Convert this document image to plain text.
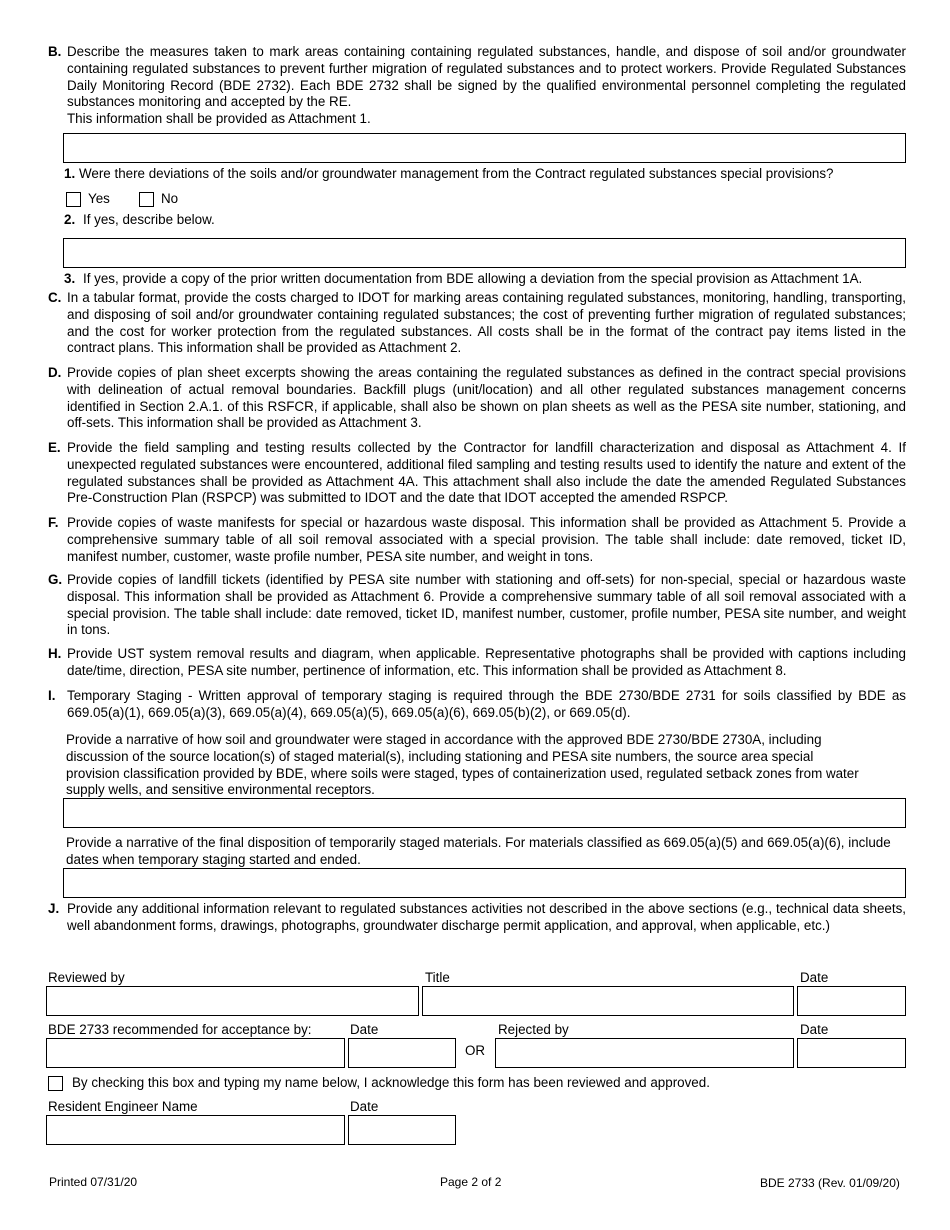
B. Describe the measures taken to mark areas containing containing regulated substances, handle, and dispose of soil and/or groundwater containing regulated substances to prevent further migration of regulated substances and to protect workers. Provide Regulated Substances Daily Monitoring Record (BDE 2732). Each BDE 2732 shall be signed by the qualified environmental personnel completing the regulated substances monitoring and accepted by the RE.
This information shall be provided as Attachment 1.
1. Were there deviations of the soils and/or groundwater management from the Contract regulated substances special provisions?
Yes	No
2. If yes, describe below.
3. If yes, provide a copy of the prior written documentation from BDE allowing a deviation from the special provision as Attachment 1A.
C. In a tabular format, provide the costs charged to IDOT for marking areas containing regulated substances, monitoring, handling, transporting, and disposing of soil and/or groundwater containing regulated substances; the cost of preventing further migration of regulated substances; and the cost for worker protection from the regulated substances. All costs shall be in the format of the contract pay items listed in the contract plans. This information shall be provided as Attachment 2.
D. Provide copies of plan sheet excerpts showing the areas containing the regulated substances as defined in the contract special provisions with delineation of actual removal boundaries. Backfill plugs (unit/location) and all other regulated substances management concerns identified in Section 2.A.1. of this RSFCR, if applicable, shall also be shown on plan sheets as well as the PESA site number, stationing, and off-sets. This information shall be provided as Attachment 3.
E. Provide the field sampling and testing results collected by the Contractor for landfill characterization and disposal as Attachment 4. If unexpected regulated substances were encountered, additional filed sampling and testing results used to identify the nature and extent of the regulated substances shall be provided as Attachment 4A. This attachment shall also include the date the amended Regulated Substances Pre-Construction Plan (RSPCP) was submitted to IDOT and the date that IDOT accepted the amended RSPCP.
F. Provide copies of waste manifests for special or hazardous waste disposal. This information shall be provided as Attachment 5. Provide a comprehensive summary table of all soil removal associated with a special provision. The table shall include: date removed, ticket ID, manifest number, customer, waste profile number, PESA site number, and weight in tons.
G. Provide copies of landfill tickets (identified by PESA site number with stationing and off-sets) for non-special, special or hazardous waste disposal. This information shall be provided as Attachment 6. Provide a comprehensive summary table of all soil removal associated with a special provision. The table shall include: date removed, ticket ID, manifest number, customer, profile number, PESA site number, and weight in tons.
H. Provide UST system removal results and diagram, when applicable. Representative photographs shall be provided with captions including date/time, direction, PESA site number, pertinence of information, etc. This information shall be provided as Attachment 8.
I. Temporary Staging - Written approval of temporary staging is required through the BDE 2730/BDE 2731 for soils classified by BDE as 669.05(a)(1), 669.05(a)(3), 669.05(a)(4), 669.05(a)(5), 669.05(a)(6), 669.05(b)(2), or 669.05(d).
Provide a narrative of how soil and groundwater were staged in accordance with the approved BDE 2730/BDE 2730A, including discussion of the source location(s) of staged material(s), including stationing and PESA site numbers, the source area special provision classification provided by BDE, where soils were staged, types of containerization used, regulated setback zones from water supply wells, and sensitive environmental receptors.
Provide a narrative of the final disposition of temporarily staged materials. For materials classified as 669.05(a)(5) and 669.05(a)(6), include dates when temporary staging started and ended.
J. Provide any additional information relevant to regulated substances activities not described in the above sections (e.g., technical data sheets, well abandonment forms, drawings, photographs, groundwater discharge permit application, and approval, when applicable, etc.)
Reviewed by	Title	Date
BDE 2733 recommended for acceptance by:	Date	Rejected by	Date
OR
By checking this box and typing my name below, I acknowledge this form has been reviewed and approved.
Resident Engineer Name	Date
Printed 07/31/20	Page 2 of 2	BDE 2733 (Rev. 01/09/20)
